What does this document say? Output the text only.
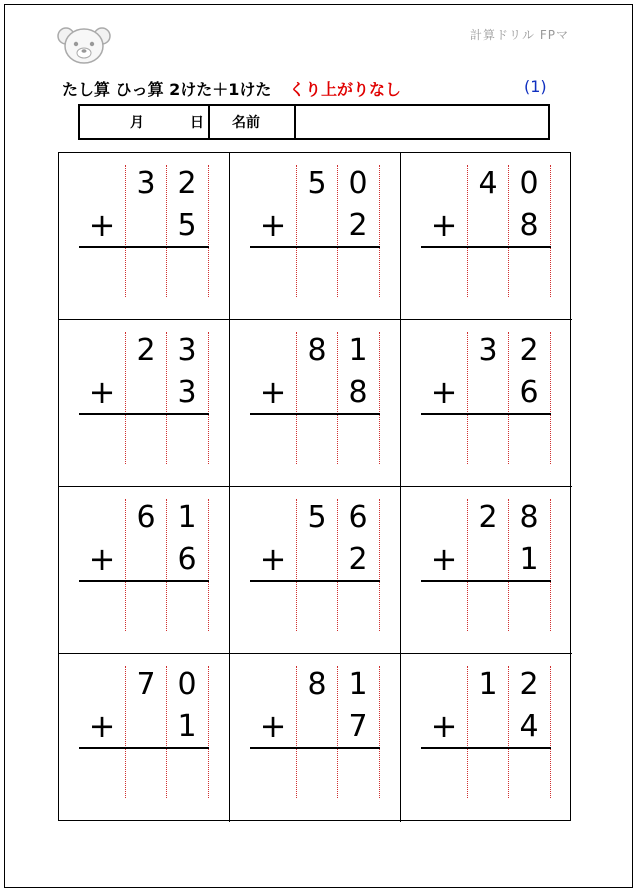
計算ドリル FPマ
たし算 ひっ算 2けた＋1けた くり上がりなし	(1)
月	日 名前
3 2
+	5
5 0
+	2
4 0
+	8
2 3
+	3
8 1
+	8
3 2
+	6
6 1
+	6
5 6
+	2
2 8
+	1
7 0
+	1
8 1
+	7
1 2
+	4
